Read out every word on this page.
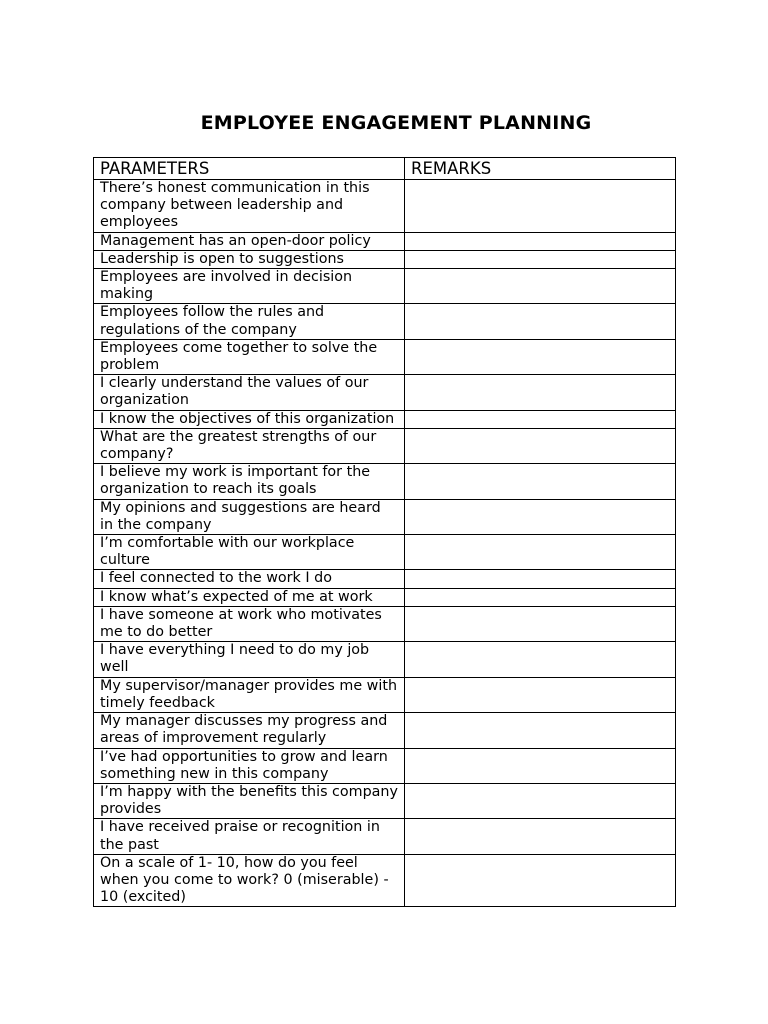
EMPLOYEE ENGAGEMENT PLANNING
PARAMETERS	REMARKS
There’s honest communication in this company between leadership and employees	
Management has an open-door policy	
Leadership is open to suggestions	
Employees are involved in decision making	
Employees follow the rules and regulations of the company	
Employees come together to solve the problem	
I clearly understand the values of our organization	
I know the objectives of this organization	
What are the greatest strengths of our company?	
I believe my work is important for the organization to reach its goals	
My opinions and suggestions are heard in the company	
I’m comfortable with our workplace culture	
I feel connected to the work I do	
I know what’s expected of me at work	
I have someone at work who motivates me to do better	
I have everything I need to do my job well	
My supervisor/manager provides me with timely feedback	
My manager discusses my progress and areas of improvement regularly	
I’ve had opportunities to grow and learn something new in this company	
I’m happy with the benefits this company provides	
I have received praise or recognition in the past	
On a scale of 1- 10, how do you feel when you come to work? 0 (miserable) - 10 (excited)	
